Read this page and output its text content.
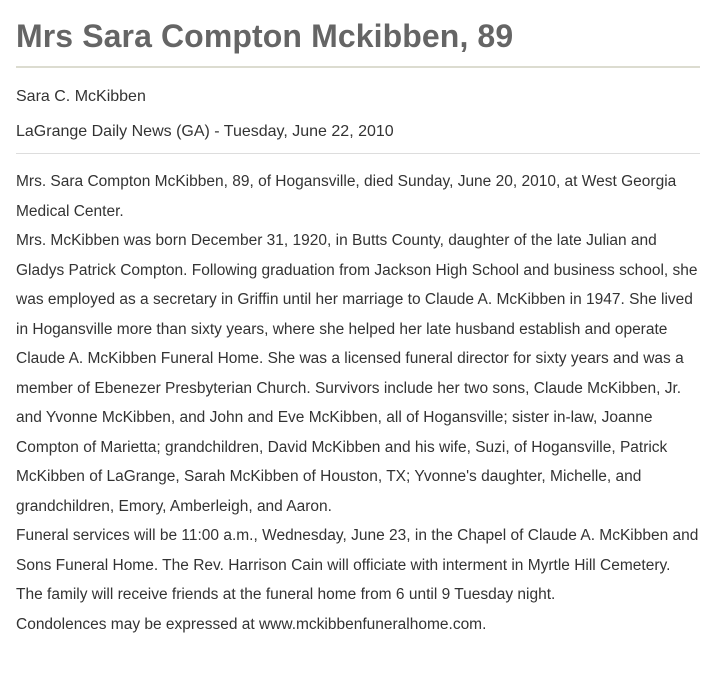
Mrs Sara Compton Mckibben, 89

Sara C. McKibben

LaGrange Daily News (GA) - Tuesday, June 22, 2010

Mrs. Sara Compton McKibben, 89, of Hogansville, died Sunday, June 20, 2010, at West Georgia Medical Center.

Mrs. McKibben was born December 31, 1920, in Butts County, daughter of the late Julian and Gladys Patrick Compton. Following graduation from Jackson High School and business school, she was employed as a secretary in Griffin until her marriage to Claude A. McKibben in 1947. She lived in Hogansville more than sixty years, where she helped her late husband establish and operate Claude A. McKibben Funeral Home. She was a licensed funeral director for sixty years and was a member of Ebenezer Presbyterian Church. Survivors include her two sons, Claude McKibben, Jr. and Yvonne McKibben, and John and Eve McKibben, all of Hogansville; sister in-law, Joanne Compton of Marietta; grandchildren, David McKibben and his wife, Suzi, of Hogansville, Patrick McKibben of LaGrange, Sarah McKibben of Houston, TX; Yvonne's daughter, Michelle, and grandchildren, Emory, Amberleigh, and Aaron.

Funeral services will be 11:00 a.m., Wednesday, June 23, in the Chapel of Claude A. McKibben and Sons Funeral Home. The Rev. Harrison Cain will officiate with interment in Myrtle Hill Cemetery.

The family will receive friends at the funeral home from 6 until 9 Tuesday night.

Condolences may be expressed at www.mckibbenfuneralhome.com.
